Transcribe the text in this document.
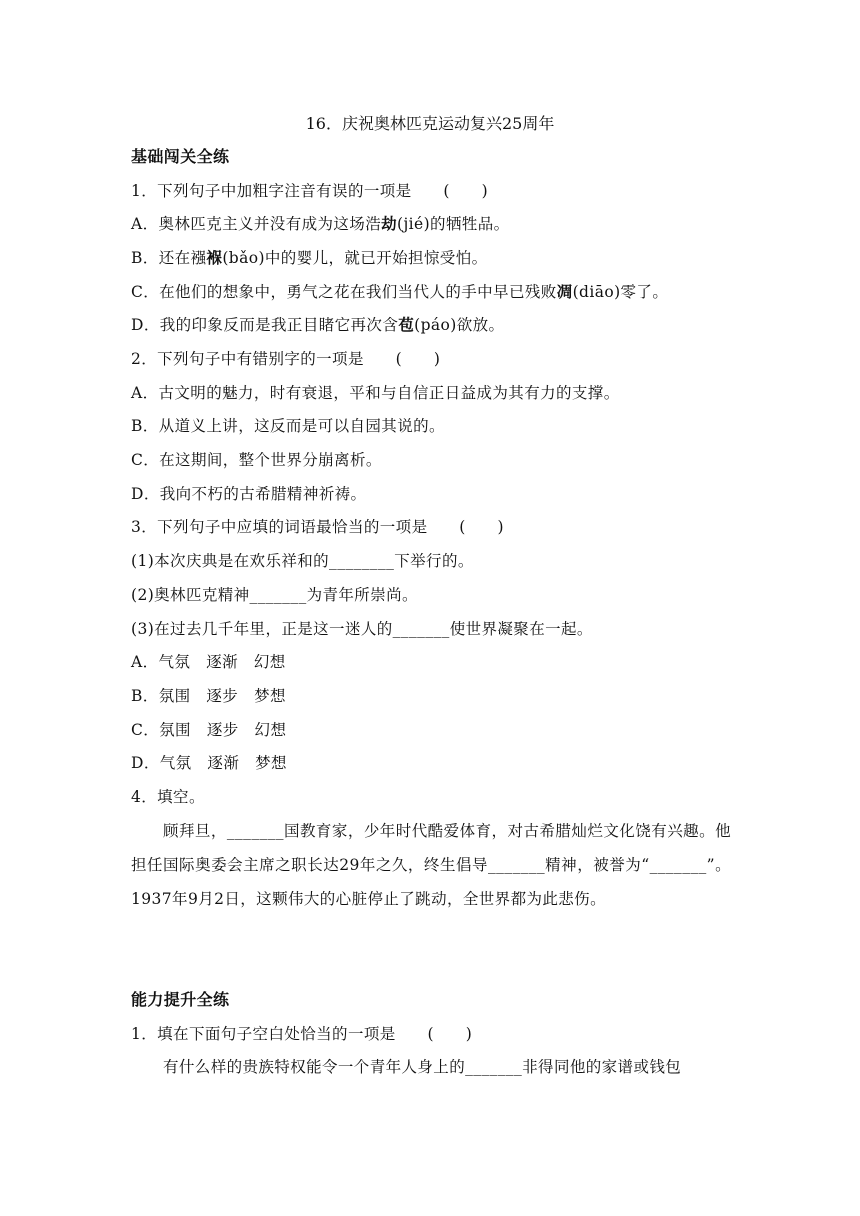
16．庆祝奥林匹克运动复兴25周年
基础闯关全练
1．下列句子中加粗字注音有误的一项是　　(　　)
A．奥林匹克主义并没有成为这场浩劫(jié)的牺牲品。
B．还在襁褓(bǎo)中的婴儿，就已开始担惊受怕。
C．在他们的想象中，勇气之花在我们当代人的手中早已残败凋(diāo)零了。
D．我的印象反而是我正目睹它再次含苞(páo)欲放。
2．下列句子中有错别字的一项是　　(　　)
A．古文明的魅力，时有衰退，平和与自信正日益成为其有力的支撑。
B．从道义上讲，这反而是可以自园其说的。
C．在这期间，整个世界分崩离析。
D．我向不朽的古希腊精神祈祷。
3．下列句子中应填的词语最恰当的一项是　　(　　)
(1)本次庆典是在欢乐祥和的________下举行的。
(2)奥林匹克精神_______为青年所崇尚。
(3)在过去几千年里，正是这一迷人的_______使世界凝聚在一起。
A．气氛　逐渐　幻想
B．氛围　逐步　梦想
C．氛围　逐步　幻想
D．气氛　逐渐　梦想
4．填空。
顾拜旦，_______国教育家，少年时代酷爱体育，对古希腊灿烂文化饶有兴趣。他担任国际奥委会主席之职长达29年之久，终生倡导_______精神，被誉为“_______”。1937年9月2日，这颗伟大的心脏停止了跳动，全世界都为此悲伤。
能力提升全练
1．填在下面句子空白处恰当的一项是　　(　　)
有什么样的贵族特权能令一个青年人身上的_______非得同他的家谱或钱包
